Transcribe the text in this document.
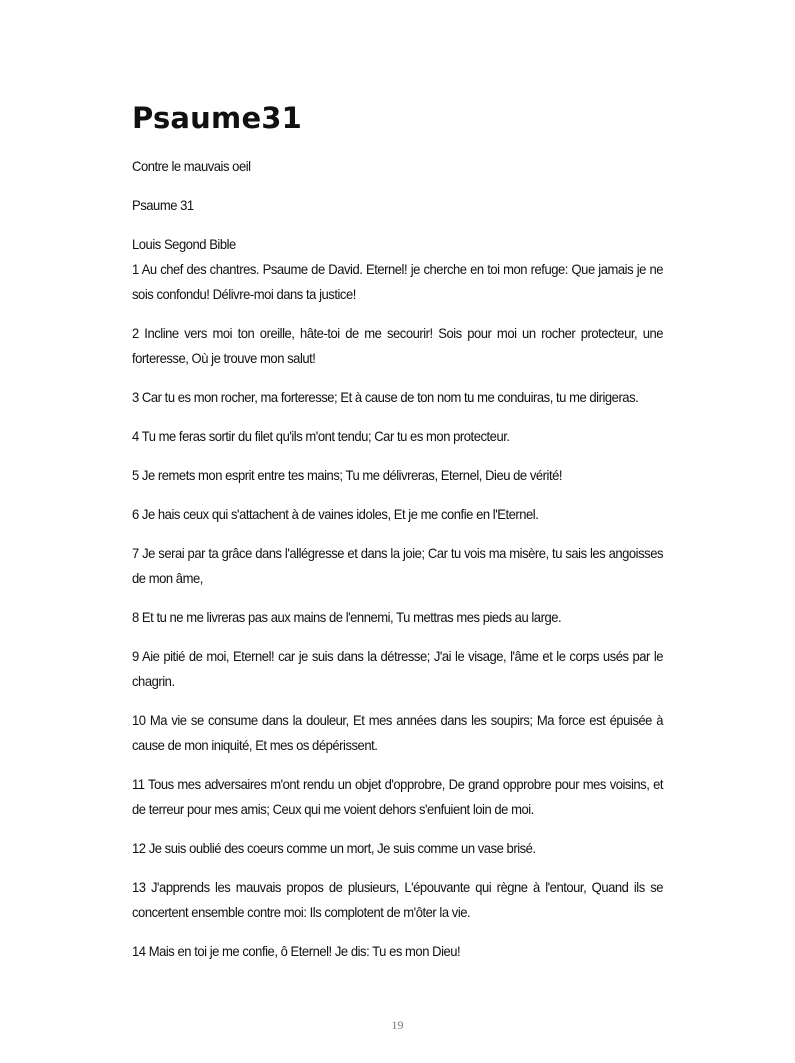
Psaume31

Contre le mauvais oeil

Psaume 31

Louis Segond Bible

1 Au chef des chantres. Psaume de David. Eternel! je cherche en toi mon refuge: Que jamais je ne sois confondu! Délivre-moi dans ta justice!

2 Incline vers moi ton oreille, hâte-toi de me secourir! Sois pour moi un rocher protecteur, une forteresse, Où je trouve mon salut!

3 Car tu es mon rocher, ma forteresse; Et à cause de ton nom tu me conduiras, tu me dirigeras.

4 Tu me feras sortir du filet qu'ils m'ont tendu; Car tu es mon protecteur.

5 Je remets mon esprit entre tes mains; Tu me délivreras, Eternel, Dieu de vérité!

6 Je hais ceux qui s'attachent à de vaines idoles, Et je me confie en l'Eternel.

7 Je serai par ta grâce dans l'allégresse et dans la joie; Car tu vois ma misère, tu sais les angoisses de mon âme,

8 Et tu ne me livreras pas aux mains de l'ennemi, Tu mettras mes pieds au large.

9 Aie pitié de moi, Eternel! car je suis dans la détresse; J'ai le visage, l'âme et le corps usés par le chagrin.

10 Ma vie se consume dans la douleur, Et mes années dans les soupirs; Ma force est épuisée à cause de mon iniquité, Et mes os dépérissent.

11 Tous mes adversaires m'ont rendu un objet d'opprobre, De grand opprobre pour mes voisins, et de terreur pour mes amis; Ceux qui me voient dehors s'enfuient loin de moi.

12 Je suis oublié des coeurs comme un mort, Je suis comme un vase brisé.

13 J'apprends les mauvais propos de plusieurs, L'épouvante qui règne à l'entour, Quand ils se concertent ensemble contre moi: Ils complotent de m'ôter la vie.

14 Mais en toi je me confie, ô Eternel! Je dis: Tu es mon Dieu!

19
